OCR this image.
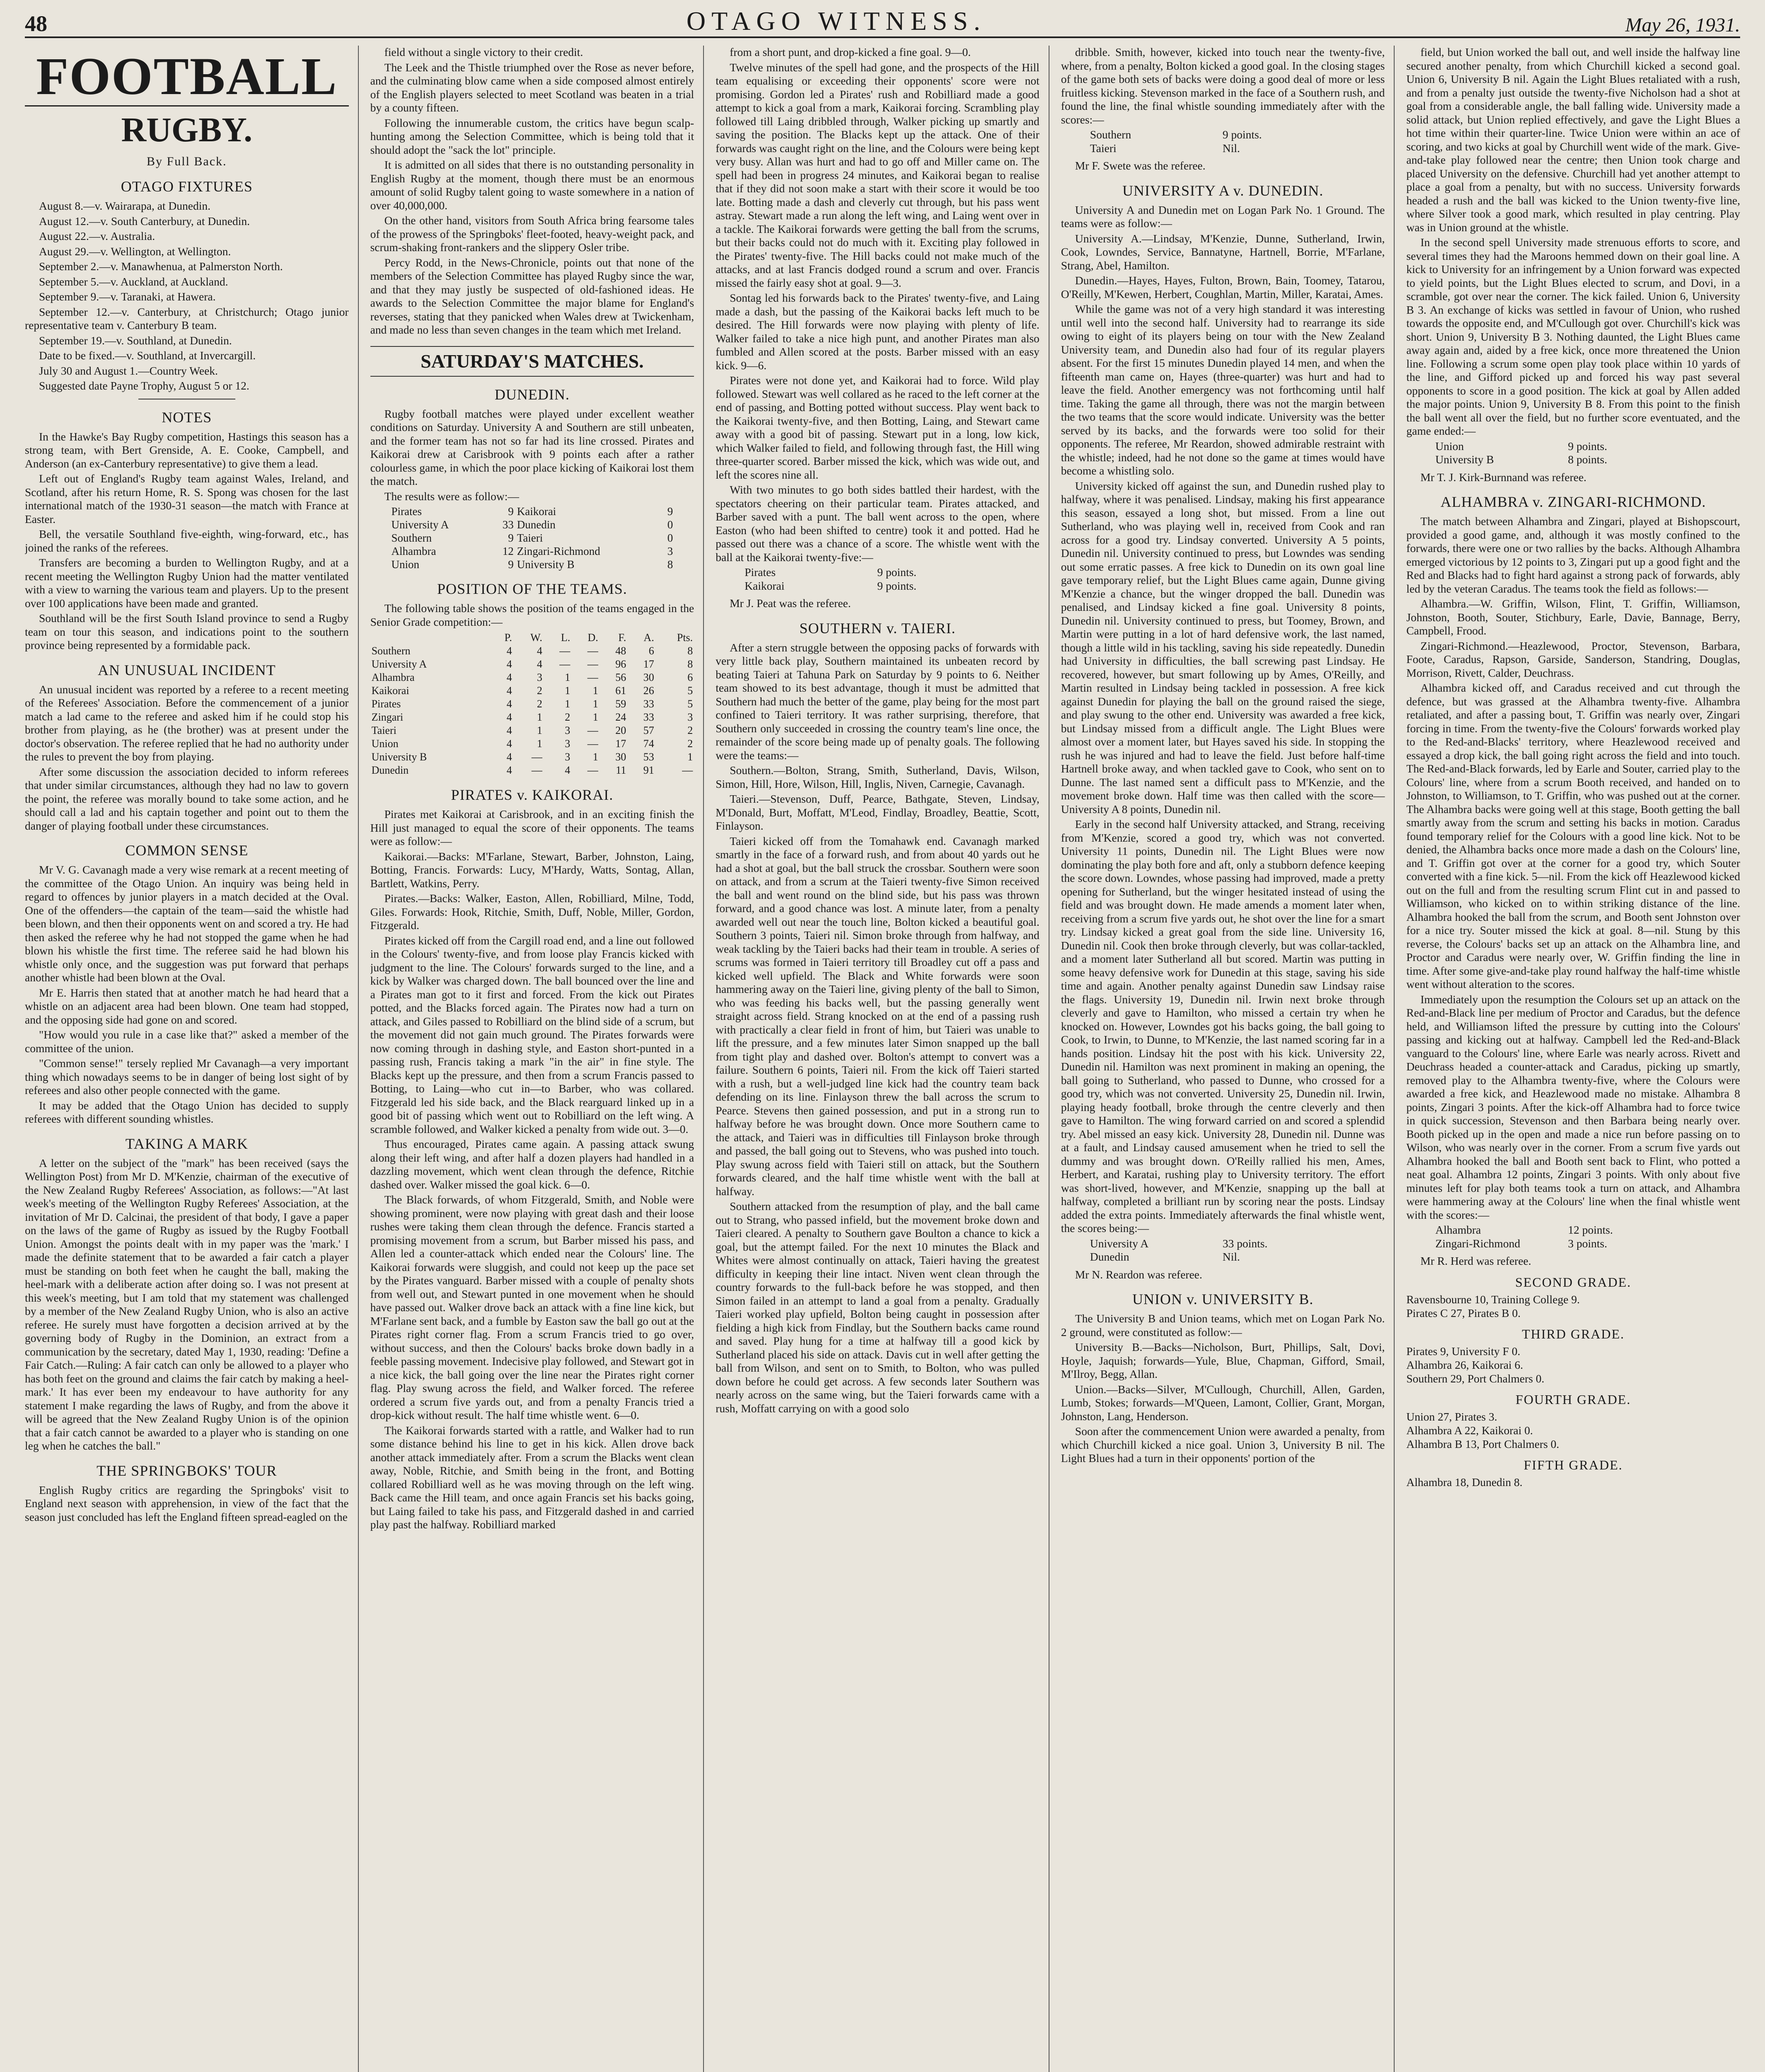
48	OTAGO WITNESS.	May 26, 1931.
FOOTBALL
RUGBY.
By Full Back.
OTAGO FIXTURES

August 8.—v. Wairarapa, at Dunedin.

August 12.—v. South Canterbury, at Dunedin.

August 22.—v. Australia.

August 29.—v. Wellington, at Wellington.

September 2.—v. Manawhenua, at Palmerston North.

September 5.—v. Auckland, at Auckland.

September 9.—v. Taranaki, at Hawera.

September 12.—v. Canterbury, at Christchurch; Otago junior representative team v. Canterbury B team.

September 19.—v. Southland, at Dunedin.

Date to be fixed.—v. Southland, at Invercargill.

July 30 and August 1.—Country Week.

Suggested date Payne Trophy, August 5 or 12.

NOTES

In the Hawke's Bay Rugby competition, Hastings this season has a strong team, with Bert Grenside, A. E. Cooke, Campbell, and Anderson (an ex-Canterbury representative) to give them a lead.

Left out of England's Rugby team against Wales, Ireland, and Scotland, after his return Home, R. S. Spong was chosen for the last international match of the 1930-31 season—the match with France at Easter.

Bell, the versatile Southland five-eighth, wing-forward, etc., has joined the ranks of the referees.

Transfers are becoming a burden to Wellington Rugby, and at a recent meeting the Wellington Rugby Union had the matter ventilated with a view to warning the various team and players. Up to the present over 100 applications have been made and granted.

Southland will be the first South Island province to send a Rugby team on tour this season, and indications point to the southern province being represented by a formidable pack.

AN UNUSUAL INCIDENT

An unusual incident was reported by a referee to a recent meeting of the Referees' Association. Before the commencement of a junior match a lad came to the referee and asked him if he could stop his brother from playing, as he (the brother) was at present under the doctor's observation. The referee replied that he had no authority under the rules to prevent the boy from playing.

After some discussion the association decided to inform referees that under similar circumstances, although they had no law to govern the point, the referee was morally bound to take some action, and he should call a lad and his captain together and point out to them the danger of playing football under these circumstances.

COMMON SENSE

Mr V. G. Cavanagh made a very wise remark at a recent meeting of the committee of the Otago Union. An inquiry was being held in regard to offences by junior players in a match decided at the Oval. One of the offenders—the captain of the team—said the whistle had been blown, and then their opponents went on and scored a try. He had then asked the referee why he had not stopped the game when he had blown his whistle the first time. The referee said he had blown his whistle only once, and the suggestion was put forward that perhaps another whistle had been blown at the Oval.

Mr E. Harris then stated that at another match he had heard that a whistle on an adjacent area had been blown. One team had stopped, and the opposing side had gone on and scored.

"How would you rule in a case like that?" asked a member of the committee of the union.

"Common sense!" tersely replied Mr Cavanagh—a very important thing which nowadays seems to be in danger of being lost sight of by referees and also other people connected with the game.

It may be added that the Otago Union has decided to supply referees with different sounding whistles.

TAKING A MARK

A letter on the subject of the "mark" has been received (says the Wellington Post) from Mr D. M'Kenzie, chairman of the executive of the New Zealand Rugby Referees' Association, as follows:—"At last week's meeting of the Wellington Rugby Referees' Association, at the invitation of Mr D. Calcinai, the president of that body, I gave a paper on the laws of the game of Rugby as issued by the Rugby Football Union. Amongst the points dealt with in my paper was the 'mark.' I made the definite statement that to be awarded a fair catch a player must be standing on both feet when he caught the ball, making the heel-mark with a deliberate action after doing so. I was not present at this week's meeting, but I am told that my statement was challenged by a member of the New Zealand Rugby Union, who is also an active referee. He surely must have forgotten a decision arrived at by the governing body of Rugby in the Dominion, an extract from a communication by the secretary, dated May 1, 1930, reading: 'Define a Fair Catch.—Ruling: A fair catch can only be allowed to a player who has both feet on the ground and claims the fair catch by making a heel-mark.' It has ever been my endeavour to have authority for any statement I make regarding the laws of Rugby, and from the above it will be agreed that the New Zealand Rugby Union is of the opinion that a fair catch cannot be awarded to a player who is standing on one leg when he catches the ball."

THE SPRINGBOKS' TOUR

English Rugby critics are regarding the Springboks' visit to England next season with apprehension, in view of the fact that the season just concluded has left the England fifteen spread-eagled on the

field without a single victory to their credit.

The Leek and the Thistle triumphed over the Rose as never before, and the culminating blow came when a side composed almost entirely of the English players selected to meet Scotland was beaten in a trial by a county fifteen.

Following the innumerable custom, the critics have begun scalp-hunting among the Selection Committee, which is being told that it should adopt the "sack the lot" principle.

It is admitted on all sides that there is no outstanding personality in English Rugby at the moment, though there must be an enormous amount of solid Rugby talent going to waste somewhere in a nation of over 40,000,000.

On the other hand, visitors from South Africa bring fearsome tales of the prowess of the Springboks' fleet-footed, heavy-weight pack, and scrum-shaking front-rankers and the slippery Osler tribe.

Percy Rodd, in the News-Chronicle, points out that none of the members of the Selection Committee has played Rugby since the war, and that they may justly be suspected of old-fashioned ideas. He awards to the Selection Committee the major blame for England's reverses, stating that they panicked when Wales drew at Twickenham, and made no less than seven changes in the team which met Ireland.

SATURDAY'S MATCHES.
DUNEDIN.

Rugby football matches were played under excellent weather conditions on Saturday. University A and Southern are still unbeaten, and the former team has not so far had its line crossed. Pirates and Kaikorai drew at Carisbrook with 9 points each after a rather colourless game, in which the poor place kicking of Kaikorai lost them the match.

The results were as follow:—

Pirates	9	Kaikorai	9
University A	33	Dunedin	0
Southern	9	Taieri	0
Alhambra	12	Zingari-Richmond	3
Union	9	University B	8
POSITION OF THE TEAMS.

The following table shows the position of the teams engaged in the Senior Grade competition:—

	P.	W.	L.	D.	F.	A.	Pts.
Southern	4	4	—	—	48	6	8
University A	4	4	—	—	96	17	8
Alhambra	4	3	1	—	56	30	6
Kaikorai	4	2	1	1	61	26	5
Pirates	4	2	1	1	59	33	5
Zingari	4	1	2	1	24	33	3
Taieri	4	1	3	—	20	57	2
Union	4	1	3	—	17	74	2
University B	4	—	3	1	30	53	1
Dunedin	4	—	4	—	11	91	—
PIRATES v. KAIKORAI.

Pirates met Kaikorai at Carisbrook, and in an exciting finish the Hill just managed to equal the score of their opponents. The teams were as follow:—

Kaikorai.—Backs: M'Farlane, Stewart, Barber, Johnston, Laing, Botting, Francis. Forwards: Lucy, M'Hardy, Watts, Sontag, Allan, Bartlett, Watkins, Perry.

Pirates.—Backs: Walker, Easton, Allen, Robilliard, Milne, Todd, Giles. Forwards: Hook, Ritchie, Smith, Duff, Noble, Miller, Gordon, Fitzgerald.

Pirates kicked off from the Cargill road end, and a line out followed in the Colours' twenty-five, and from loose play Francis kicked with judgment to the line. The Colours' forwards surged to the line, and a kick by Walker was charged down. The ball bounced over the line and a Pirates man got to it first and forced. From the kick out Pirates potted, and the Blacks forced again. The Pirates now had a turn on attack, and Giles passed to Robilliard on the blind side of a scrum, but the movement did not gain much ground. The Pirates forwards were now coming through in dashing style, and Easton short-punted in a passing rush, Francis taking a mark "in the air" in fine style. The Blacks kept up the pressure, and then from a scrum Francis passed to Botting, to Laing—who cut in—to Barber, who was collared. Fitzgerald led his side back, and the Black rearguard linked up in a good bit of passing which went out to Robilliard on the left wing. A scramble followed, and Walker kicked a penalty from wide out. 3—0.

Thus encouraged, Pirates came again. A passing attack swung along their left wing, and after half a dozen players had handled in a dazzling movement, which went clean through the defence, Ritchie dashed over. Walker missed the goal kick. 6—0.

The Black forwards, of whom Fitzgerald, Smith, and Noble were showing prominent, were now playing with great dash and their loose rushes were taking them clean through the defence. Francis started a promising movement from a scrum, but Barber missed his pass, and Allen led a counter-attack which ended near the Colours' line. The Kaikorai forwards were sluggish, and could not keep up the pace set by the Pirates vanguard. Barber missed with a couple of penalty shots from well out, and Stewart punted in one movement when he should have passed out. Walker drove back an attack with a fine line kick, but M'Farlane sent back, and a fumble by Easton saw the ball go out at the Pirates right corner flag. From a scrum Francis tried to go over, without success, and then the Colours' backs broke down badly in a feeble passing movement. Indecisive play followed, and Stewart got in a nice kick, the ball going over the line near the Pirates right corner flag. Play swung across the field, and Walker forced. The referee ordered a scrum five yards out, and from a penalty Francis tried a drop-kick without result. The half time whistle went. 6—0.

The Kaikorai forwards started with a rattle, and Walker had to run some distance behind his line to get in his kick. Allen drove back another attack immediately after. From a scrum the Blacks went clean away, Noble, Ritchie, and Smith being in the front, and Botting collared Robilliard well as he was moving through on the left wing. Back came the Hill team, and once again Francis set his backs going, but Laing failed to take his pass, and Fitzgerald dashed in and carried play past the halfway. Robilliard marked

from a short punt, and drop-kicked a fine goal. 9—0.

Twelve minutes of the spell had gone, and the prospects of the Hill team equalising or exceeding their opponents' score were not promising. Gordon led a Pirates' rush and Robilliard made a good attempt to kick a goal from a mark, Kaikorai forcing. Scrambling play followed till Laing dribbled through, Walker picking up smartly and saving the position. The Blacks kept up the attack. One of their forwards was caught right on the line, and the Colours were being kept very busy. Allan was hurt and had to go off and Miller came on. The spell had been in progress 24 minutes, and Kaikorai began to realise that if they did not soon make a start with their score it would be too late. Botting made a dash and cleverly cut through, but his pass went astray. Stewart made a run along the left wing, and Laing went over in a tackle. The Kaikorai forwards were getting the ball from the scrums, but their backs could not do much with it. Exciting play followed in the Pirates' twenty-five. The Hill backs could not make much of the attacks, and at last Francis dodged round a scrum and over. Francis missed the fairly easy shot at goal. 9—3.

Sontag led his forwards back to the Pirates' twenty-five, and Laing made a dash, but the passing of the Kaikorai backs left much to be desired. The Hill forwards were now playing with plenty of life. Walker failed to take a nice high punt, and another Pirates man also fumbled and Allen scored at the posts. Barber missed with an easy kick. 9—6.

Pirates were not done yet, and Kaikorai had to force. Wild play followed. Stewart was well collared as he raced to the left corner at the end of passing, and Botting potted without success. Play went back to the Kaikorai twenty-five, and then Botting, Laing, and Stewart came away with a good bit of passing. Stewart put in a long, low kick, which Walker failed to field, and following through fast, the Hill wing three-quarter scored. Barber missed the kick, which was wide out, and left the scores nine all.

With two minutes to go both sides battled their hardest, with the spectators cheering on their particular team. Pirates attacked, and Barber saved with a punt. The ball went across to the open, where Easton (who had been shifted to centre) took it and potted. Had he passed out there was a chance of a score. The whistle went with the ball at the Kaikorai twenty-five:—

Pirates	9 points.
Kaikorai	9 points.

Mr J. Peat was the referee.

SOUTHERN v. TAIERI.

After a stern struggle between the opposing packs of forwards with very little back play, Southern maintained its unbeaten record by beating Taieri at Tahuna Park on Saturday by 9 points to 6. Neither team showed to its best advantage, though it must be admitted that Southern had much the better of the game, play being for the most part confined to Taieri territory. It was rather surprising, therefore, that Southern only succeeded in crossing the country team's line once, the remainder of the score being made up of penalty goals. The following were the teams:—

Southern.—Bolton, Strang, Smith, Sutherland, Davis, Wilson, Simon, Hill, Hore, Wilson, Hill, Inglis, Niven, Carnegie, Cavanagh.

Taieri.—Stevenson, Duff, Pearce, Bathgate, Steven, Lindsay, M'Donald, Burt, Moffatt, M'Leod, Findlay, Broadley, Beattie, Scott, Finlayson.

Taieri kicked off from the Tomahawk end. Cavanagh marked smartly in the face of a forward rush, and from about 40 yards out he had a shot at goal, but the ball struck the crossbar. Southern were soon on attack, and from a scrum at the Taieri twenty-five Simon received the ball and went round on the blind side, but his pass was thrown forward, and a good chance was lost. A minute later, from a penalty awarded well out near the touch line, Bolton kicked a beautiful goal. Southern 3 points, Taieri nil. Simon broke through from halfway, and weak tackling by the Taieri backs had their team in trouble. A series of scrums was formed in Taieri territory till Broadley cut off a pass and kicked well upfield. The Black and White forwards were soon hammering away on the Taieri line, giving plenty of the ball to Simon, who was feeding his backs well, but the passing generally went straight across field. Strang knocked on at the end of a passing rush with practically a clear field in front of him, but Taieri was unable to lift the pressure, and a few minutes later Simon snapped up the ball from tight play and dashed over. Bolton's attempt to convert was a failure. Southern 6 points, Taieri nil. From the kick off Taieri started with a rush, but a well-judged line kick had the country team back defending on its line. Finlayson threw the ball across the scrum to Pearce. Stevens then gained possession, and put in a strong run to halfway before he was brought down. Once more Southern came to the attack, and Taieri was in difficulties till Finlayson broke through and passed, the ball going out to Stevens, who was pushed into touch. Play swung across field with Taieri still on attack, but the Southern forwards cleared, and the half time whistle went with the ball at halfway.

Southern attacked from the resumption of play, and the ball came out to Strang, who passed infield, but the movement broke down and Taieri cleared. A penalty to Southern gave Boulton a chance to kick a goal, but the attempt failed. For the next 10 minutes the Black and Whites were almost continually on attack, Taieri having the greatest difficulty in keeping their line intact. Niven went clean through the country forwards to the full-back before he was stopped, and then Simon failed in an attempt to land a goal from a penalty. Gradually Taieri worked play upfield, Bolton being caught in possession after fielding a high kick from Findlay, but the Southern backs came round and saved. Play hung for a time at halfway till a good kick by Sutherland placed his side on attack. Davis cut in well after getting the ball from Wilson, and sent on to Smith, to Bolton, who was pulled down before he could get across. A few seconds later Southern was nearly across on the same wing, but the Taieri forwards came with a rush, Moffatt carrying on with a good solo

dribble. Smith, however, kicked into touch near the twenty-five, where, from a penalty, Bolton kicked a good goal. In the closing stages of the game both sets of backs were doing a good deal of more or less fruitless kicking. Stevenson marked in the face of a Southern rush, and found the line, the final whistle sounding immediately after with the scores:—

Southern	9 points.
Taieri	Nil.

Mr F. Swete was the referee.

UNIVERSITY A v. DUNEDIN.

University A and Dunedin met on Logan Park No. 1 Ground. The teams were as follow:—

University A.—Lindsay, M'Kenzie, Dunne, Sutherland, Irwin, Cook, Lowndes, Service, Bannatyne, Hartnell, Borrie, M'Farlane, Strang, Abel, Hamilton.

Dunedin.—Hayes, Hayes, Fulton, Brown, Bain, Toomey, Tatarou, O'Reilly, M'Kewen, Herbert, Coughlan, Martin, Miller, Karatai, Ames.

While the game was not of a very high standard it was interesting until well into the second half. University had to rearrange its side owing to eight of its players being on tour with the New Zealand University team, and Dunedin also had four of its regular players absent. For the first 15 minutes Dunedin played 14 men, and when the fifteenth man came on, Hayes (three-quarter) was hurt and had to leave the field. Another emergency was not forthcoming until half time. Taking the game all through, there was not the margin between the two teams that the score would indicate. University was the better served by its backs, and the forwards were too solid for their opponents. The referee, Mr Reardon, showed admirable restraint with the whistle; indeed, had he not done so the game at times would have become a whistling solo.

University kicked off against the sun, and Dunedin rushed play to halfway, where it was penalised. Lindsay, making his first appearance this season, essayed a long shot, but missed. From a line out Sutherland, who was playing well in, received from Cook and ran across for a good try. Lindsay converted. University A 5 points, Dunedin nil. University continued to press, but Lowndes was sending out some erratic passes. A free kick to Dunedin on its own goal line gave temporary relief, but the Light Blues came again, Dunne giving M'Kenzie a chance, but the winger dropped the ball. Dunedin was penalised, and Lindsay kicked a fine goal. University 8 points, Dunedin nil. University continued to press, but Toomey, Brown, and Martin were putting in a lot of hard defensive work, the last named, though a little wild in his tackling, saving his side repeatedly. Dunedin had University in difficulties, the ball screwing past Lindsay. He recovered, however, but smart following up by Ames, O'Reilly, and Martin resulted in Lindsay being tackled in possession. A free kick against Dunedin for playing the ball on the ground raised the siege, and play swung to the other end. University was awarded a free kick, but Lindsay missed from a difficult angle. The Light Blues were almost over a moment later, but Hayes saved his side. In stopping the rush he was injured and had to leave the field. Just before half-time Hartnell broke away, and when tackled gave to Cook, who sent on to Dunne. The last named sent a difficult pass to M'Kenzie, and the movement broke down. Half time was then called with the score—University A 8 points, Dunedin nil.

Early in the second half University attacked, and Strang, receiving from M'Kenzie, scored a good try, which was not converted. University 11 points, Dunedin nil. The Light Blues were now dominating the play both fore and aft, only a stubborn defence keeping the score down. Lowndes, whose passing had improved, made a pretty opening for Sutherland, but the winger hesitated instead of using the field and was brought down. He made amends a moment later when, receiving from a scrum five yards out, he shot over the line for a smart try. Lindsay kicked a great goal from the side line. University 16, Dunedin nil. Cook then broke through cleverly, but was collar-tackled, and a moment later Sutherland all but scored. Martin was putting in some heavy defensive work for Dunedin at this stage, saving his side time and again. Another penalty against Dunedin saw Lindsay raise the flags. University 19, Dunedin nil. Irwin next broke through cleverly and gave to Hamilton, who missed a certain try when he knocked on. However, Lowndes got his backs going, the ball going to Cook, to Irwin, to Dunne, to M'Kenzie, the last named scoring far in a hands position. Lindsay hit the post with his kick. University 22, Dunedin nil. Hamilton was next prominent in making an opening, the ball going to Sutherland, who passed to Dunne, who crossed for a good try, which was not converted. University 25, Dunedin nil. Irwin, playing heady football, broke through the centre cleverly and then gave to Hamilton. The wing forward carried on and scored a splendid try. Abel missed an easy kick. University 28, Dunedin nil. Dunne was at a fault, and Lindsay caused amusement when he tried to sell the dummy and was brought down. O'Reilly rallied his men, Ames, Herbert, and Karatai, rushing play to University territory. The effort was short-lived, however, and M'Kenzie, snapping up the ball at halfway, completed a brilliant run by scoring near the posts. Lindsay added the extra points. Immediately afterwards the final whistle went, the scores being:—

University A	33 points.
Dunedin	Nil.

Mr N. Reardon was referee.

UNION v. UNIVERSITY B.

The University B and Union teams, which met on Logan Park No. 2 ground, were constituted as follow:—

University B.—Backs—Nicholson, Burt, Phillips, Salt, Dovi, Hoyle, Jaquish; forwards—Yule, Blue, Chapman, Gifford, Smail, M'Ilroy, Begg, Allan.

Union.—Backs—Silver, M'Cullough, Churchill, Allen, Garden, Lumb, Stokes; forwards—M'Queen, Lamont, Collier, Grant, Morgan, Johnston, Lang, Henderson.

Soon after the commencement Union were awarded a penalty, from which Churchill kicked a nice goal. Union 3, University B nil. The Light Blues had a turn in their opponents' portion of the

field, but Union worked the ball out, and well inside the halfway line secured another penalty, from which Churchill kicked a second goal. Union 6, University B nil. Again the Light Blues retaliated with a rush, and from a penalty just outside the twenty-five Nicholson had a shot at goal from a considerable angle, the ball falling wide. University made a solid attack, but Union replied effectively, and gave the Light Blues a hot time within their quarter-line. Twice Union were within an ace of scoring, and two kicks at goal by Churchill went wide of the mark. Give-and-take play followed near the centre; then Union took charge and placed University on the defensive. Churchill had yet another attempt to place a goal from a penalty, but with no success. University forwards headed a rush and the ball was kicked to the Union twenty-five line, where Silver took a good mark, which resulted in play centring. Play was in Union ground at the whistle.

In the second spell University made strenuous efforts to score, and several times they had the Maroons hemmed down on their goal line. A kick to University for an infringement by a Union forward was expected to yield points, but the Light Blues elected to scrum, and Dovi, in a scramble, got over near the corner. The kick failed. Union 6, University B 3. An exchange of kicks was settled in favour of Union, who rushed towards the opposite end, and M'Cullough got over. Churchill's kick was short. Union 9, University B 3. Nothing daunted, the Light Blues came away again and, aided by a free kick, once more threatened the Union line. Following a scrum some open play took place within 10 yards of the line, and Gifford picked up and forced his way past several opponents to score in a good position. The kick at goal by Allen added the major points. Union 9, University B 8. From this point to the finish the ball went all over the field, but no further score eventuated, and the game ended:—

Union	9 points.
University B	8 points.

Mr T. J. Kirk-Burnnand was referee.

ALHAMBRA v. ZINGARI-RICHMOND.

The match between Alhambra and Zingari, played at Bishopscourt, provided a good game, and, although it was mostly confined to the forwards, there were one or two rallies by the backs. Although Alhambra emerged victorious by 12 points to 3, Zingari put up a good fight and the Red and Blacks had to fight hard against a strong pack of forwards, ably led by the veteran Caradus. The teams took the field as follows:—

Alhambra.—W. Griffin, Wilson, Flint, T. Griffin, Williamson, Johnston, Booth, Souter, Stichbury, Earle, Davie, Bannage, Berry, Campbell, Frood.

Zingari-Richmond.—Heazlewood, Proctor, Stevenson, Barbara, Foote, Caradus, Rapson, Garside, Sanderson, Standring, Douglas, Morrison, Rivett, Calder, Deuchrass.

Alhambra kicked off, and Caradus received and cut through the defence, but was grassed at the Alhambra twenty-five. Alhambra retaliated, and after a passing bout, T. Griffin was nearly over, Zingari forcing in time. From the twenty-five the Colours' forwards worked play to the Red-and-Blacks' territory, where Heazlewood received and essayed a drop kick, the ball going right across the field and into touch. The Red-and-Black forwards, led by Earle and Souter, carried play to the Colours' line, where from a scrum Booth received, and handed on to Johnston, to Williamson, to T. Griffin, who was pushed out at the corner. The Alhambra backs were going well at this stage, Booth getting the ball smartly away from the scrum and setting his backs in motion. Caradus found temporary relief for the Colours with a good line kick. Not to be denied, the Alhambra backs once more made a dash on the Colours' line, and T. Griffin got over at the corner for a good try, which Souter converted with a fine kick. 5—nil. From the kick off Heazlewood kicked out on the full and from the resulting scrum Flint cut in and passed to Williamson, who kicked on to within striking distance of the line. Alhambra hooked the ball from the scrum, and Booth sent Johnston over for a nice try. Souter missed the kick at goal. 8—nil. Stung by this reverse, the Colours' backs set up an attack on the Alhambra line, and Proctor and Caradus were nearly over, W. Griffin finding the line in time. After some give-and-take play round halfway the half-time whistle went without alteration to the scores.

Immediately upon the resumption the Colours set up an attack on the Red-and-Black line per medium of Proctor and Caradus, but the defence held, and Williamson lifted the pressure by cutting into the Colours' passing and kicking out at halfway. Campbell led the Red-and-Black vanguard to the Colours' line, where Earle was nearly across. Rivett and Deuchrass headed a counter-attack and Caradus, picking up smartly, removed play to the Alhambra twenty-five, where the Colours were awarded a free kick, and Heazlewood made no mistake. Alhambra 8 points, Zingari 3 points. After the kick-off Alhambra had to force twice in quick succession, Stevenson and then Barbara being nearly over. Booth picked up in the open and made a nice run before passing on to Wilson, who was nearly over in the corner. From a scrum five yards out Alhambra hooked the ball and Booth sent back to Flint, who potted a neat goal. Alhambra 12 points, Zingari 3 points. With only about five minutes left for play both teams took a turn on attack, and Alhambra were hammering away at the Colours' line when the final whistle went with the scores:—

Alhambra	12 points.
Zingari-Richmond	3 points.

Mr R. Herd was referee.

SECOND GRADE.
Ravensbourne 10, Training College 9.
Pirates C 27, Pirates B 0.
THIRD GRADE.
Pirates 9, University F 0.
Alhambra 26, Kaikorai 6.
Southern 29, Port Chalmers 0.
FOURTH GRADE.
Union 27, Pirates 3.
Alhambra A 22, Kaikorai 0.
Alhambra B 13, Port Chalmers 0.
FIFTH GRADE.
Alhambra 18, Dunedin 8.
